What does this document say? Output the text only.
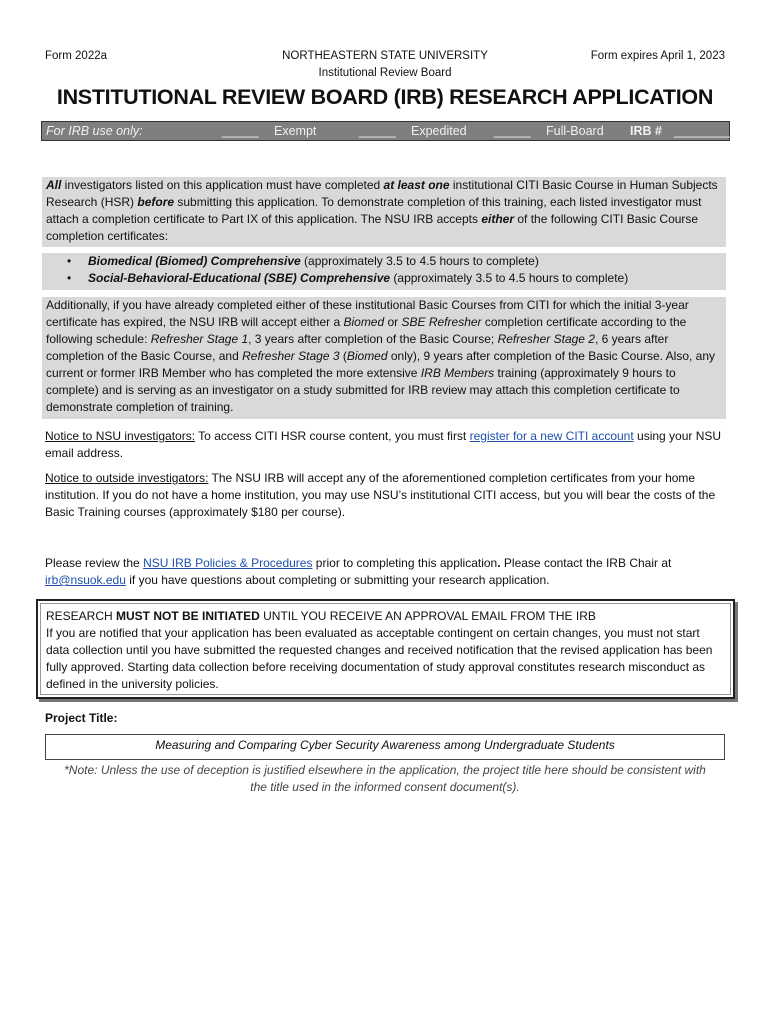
Form 2022a	NORTHEASTERN STATE UNIVERSITY
Institutional Review Board
Form expires April 1, 2023
INSTITUTIONAL REVIEW BOARD (IRB) RESEARCH APPLICATION
For IRB use only:	______ Exempt	______ Expedited ______ Full-Board IRB # __________
All investigators listed on this application must have completed at least one institutional CITI Basic Course in Human Subjects Research (HSR) before submitting this application. To demonstrate completion of this training, each listed investigator must attach a completion certificate to Part IX of this application. The NSU IRB accepts either of the following CITI Basic Course completion certificates:
• Biomedical (Biomed) Comprehensive (approximately 3.5 to 4.5 hours to complete)
• Social-Behavioral-Educational (SBE) Comprehensive (approximately 3.5 to 4.5 hours to complete)
Additionally, if you have already completed either of these institutional Basic Courses from CITI for which the initial 3-year certificate has expired, the NSU IRB will accept either a Biomed or SBE Refresher completion certificate according to the following schedule: Refresher Stage 1, 3 years after completion of the Basic Course; Refresher Stage 2, 6 years after completion of the Basic Course, and Refresher Stage 3 (Biomed only), 9 years after completion of the Basic Course. Also, any current or former IRB Member who has completed the more extensive IRB Members training (approximately 9 hours to complete) and is serving as an investigator on a study submitted for IRB review may attach this completion certificate to demonstrate completion of training.
Notice to NSU investigators: To access CITI HSR course content, you must first register for a new CITI account using your NSU email address.
Notice to outside investigators: The NSU IRB will accept any of the aforementioned completion certificates from your home institution. If you do not have a home institution, you may use NSU’s institutional CITI access, but you will bear the costs of the Basic Training courses (approximately $180 per course).
Please review the NSU IRB Policies & Procedures prior to completing this application. Please contact the IRB Chair at irb@nsuok.edu if you have questions about completing or submitting your research application.
RESEARCH MUST NOT BE INITIATED UNTIL YOU RECEIVE AN APPROVAL EMAIL FROM THE IRB
If you are notified that your application has been evaluated as acceptable contingent on certain changes, you must not start data collection until you have submitted the requested changes and received notification that the revised application has been fully approved. Starting data collection before receiving documentation of study approval constitutes research misconduct as defined in the university policies.
Project Title:
Measuring and Comparing Cyber Security Awareness among Undergraduate Students
*Note: Unless the use of deception is justified elsewhere in the application, the project title here should be consistent with the title used in the informed consent document(s).
